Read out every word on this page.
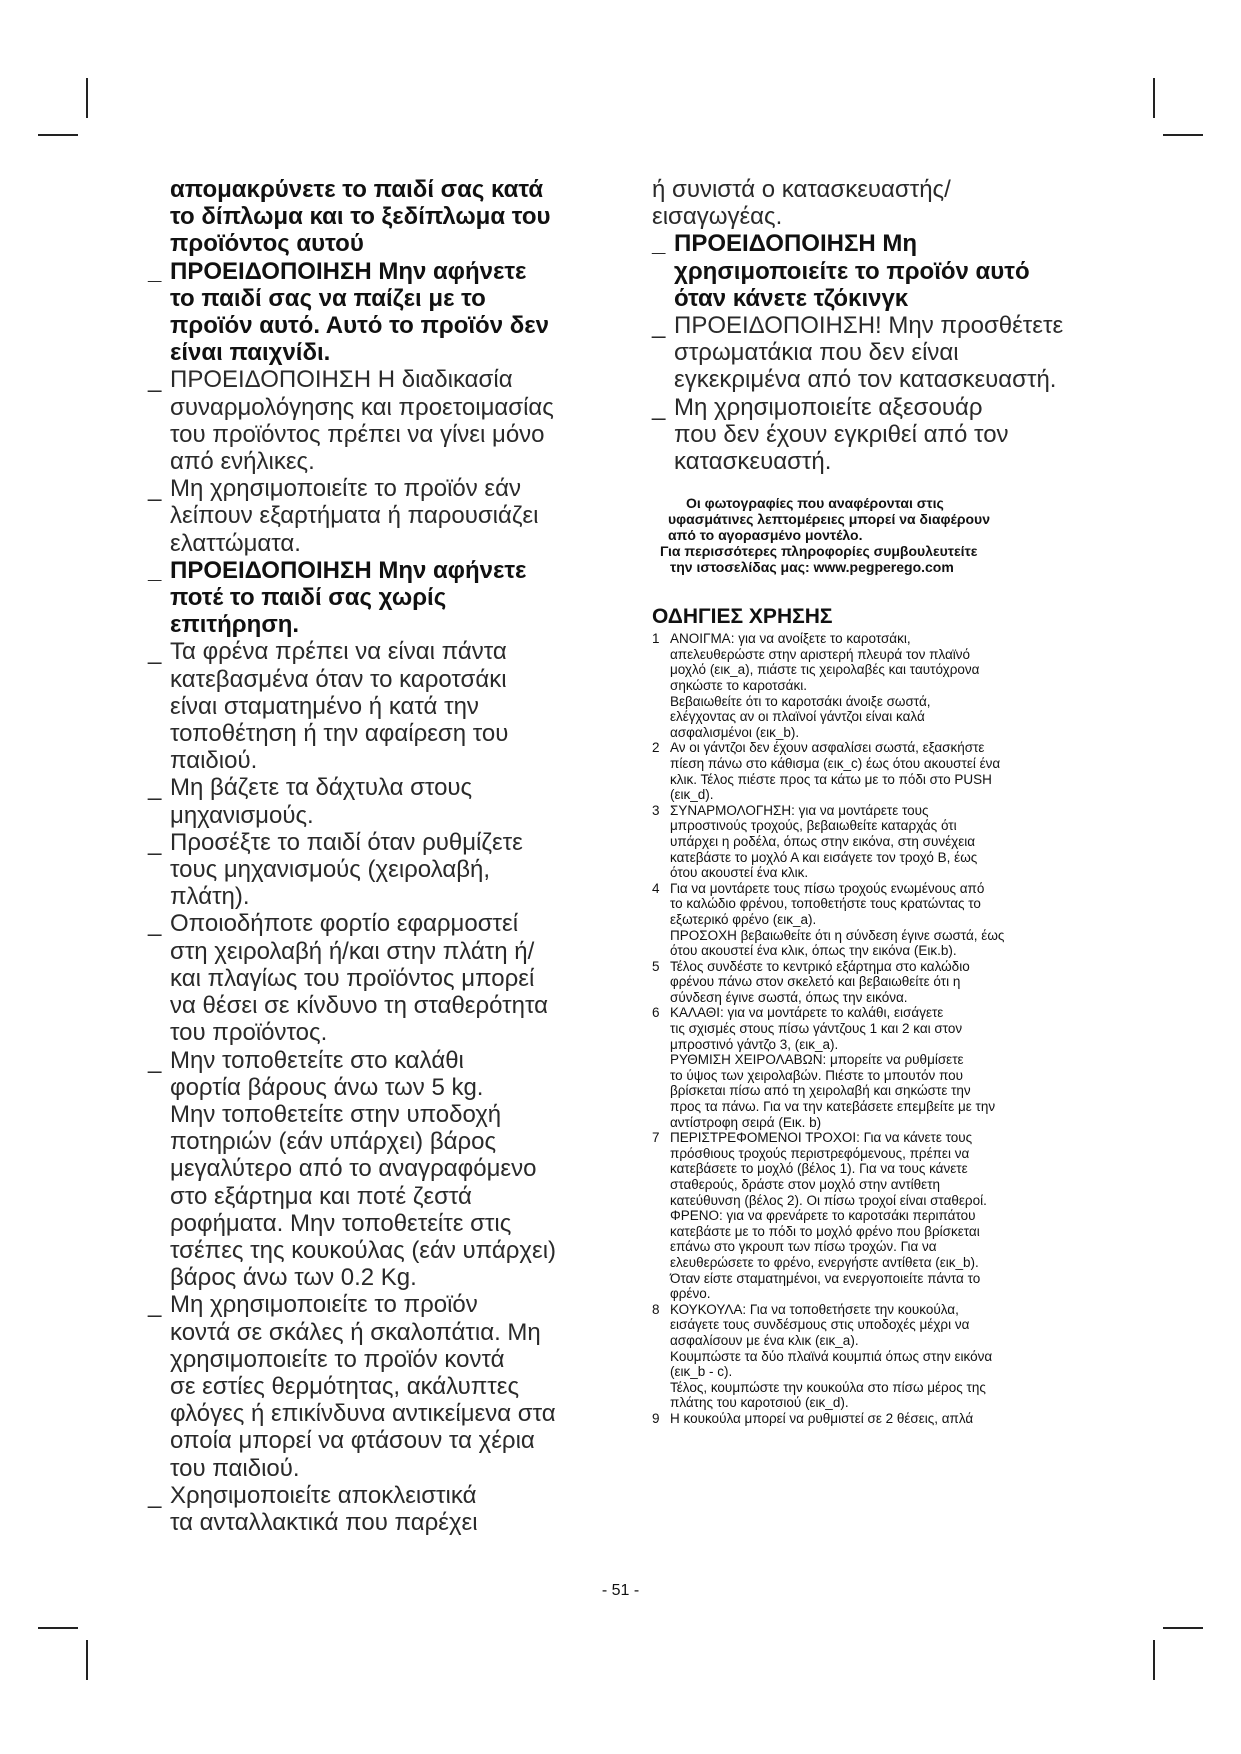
απομακρύνετε το παιδί σας κατά
το δίπλωμα και το ξεδίπλωμα του
προϊόντος αυτού
_ ΠΡΟΕΙΔΟΠΟΙΗΣΗ Μην αφήνετε
το παιδί σας να παίζει με το
προϊόν αυτό. Αυτό το προϊόν δεν
είναι παιχνίδι.
_ ΠΡΟΕΙΔΟΠΟΙΗΣΗ Η διαδικασία
συναρμολόγησης και προετοιμασίας
του προϊόντος πρέπει να γίνει μόνο
από ενήλικες.
_ Μη χρησιμοποιείτε το προϊόν εάν
λείπουν εξαρτήματα ή παρουσιάζει
ελαττώματα.
_ ΠΡΟΕΙΔΟΠΟΙΗΣΗ Μην αφήνετε
ποτέ το παιδί σας χωρίς
επιτήρηση.
_ Τα φρένα πρέπει να είναι πάντα
κατεβασμένα όταν το καροτσάκι
είναι σταματημένο ή κατά την
τοποθέτηση ή την αφαίρεση του
παιδιού.
_ Μη βάζετε τα δάχτυλα στους
μηχανισμούς.
_ Προσέξτε το παιδί όταν ρυθμίζετε
τους μηχανισμούς (χειρολαβή,
πλάτη).
_ Οποιοδήποτε φορτίο εφαρμοστεί
στη χειρολαβή ή/και στην πλάτη ή/
και πλαγίως του προϊόντος μπορεί
να θέσει σε κίνδυνο τη σταθερότητα
του προϊόντος.
_ Μην τοποθετείτε στο καλάθι
φορτία βάρους άνω των 5 kg.
Μην τοποθετείτε στην υποδοχή
ποτηριών (εάν υπάρχει) βάρος
μεγαλύτερο από το αναγραφόμενο
στο εξάρτημα και ποτέ ζεστά
ροφήματα. Μην τοποθετείτε στις
τσέπες της κουκούλας (εάν υπάρχει)
βάρος άνω των 0.2 Kg.
_ Μη χρησιμοποιείτε το προϊόν
κοντά σε σκάλες ή σκαλοπάτια. Μη
χρησιμοποιείτε το προϊόν κοντά
σε εστίες θερμότητας, ακάλυπτες
φλόγες ή επικίνδυνα αντικείμενα στα
οποία μπορεί να φτάσουν τα χέρια
του παιδιού.
_ Χρησιμοποιείτε αποκλειστικά
τα ανταλλακτικά που παρέχει
ή συνιστά ο κατασκευαστής/
εισαγωγέας.
_ ΠΡΟΕΙΔΟΠΟΙΗΣΗ Μη
χρησιμοποιείτε το προϊόν αυτό
όταν κάνετε τζόκινγκ
_ ΠΡΟΕΙΔΟΠΟΙΗΣΗ! Μην προσθέτετε
στρωματάκια που δεν είναι
εγκεκριμένα από τον κατασκευαστή.
_ Μη χρησιμοποιείτε αξεσουάρ
που δεν έχουν εγκριθεί από τον
κατασκευαστή.
Οι φωτογραφίες που αναφέρονται στις
υφασμάτινες λεπτομέρειες μπορεί να διαφέρουν
από το αγορασμένο μοντέλο.
Για περισσότερες πληροφορίες συμβουλευτείτε
την ιστοσελίδας μας: www.pegperego.com
ΟΔΗΓΙΕΣ ΧΡΗΣΗΣ
1 ΑΝΟΙΓΜΑ: για να ανοίξετε το καροτσάκι,
απελευθερώστε στην αριστερή πλευρά τον πλαϊνό
μοχλό (εικ_a), πιάστε τις χειρολαβές και ταυτόχρονα
σηκώστε το καροτσάκι.
Βεβαιωθείτε ότι το καροτσάκι άνοιξε σωστά,
ελέγχοντας αν οι πλαϊνοί γάντζοι είναι καλά
ασφαλισμένοι (εικ_b).
2 Αν οι γάντζοι δεν έχουν ασφαλίσει σωστά, εξασκήστε
πίεση πάνω στο κάθισμα (εικ_c) έως ότου ακουστεί ένα
κλικ. Τέλος πιέστε προς τα κάτω με το πόδι στο PUSH
(εικ_d).
3 ΣΥΝΑΡΜΟΛΟΓΗΣΗ: για να μοντάρετε τους
μπροστινούς τροχούς, βεβαιωθείτε καταρχάς ότι
υπάρχει η ροδέλα, όπως στην εικόνα, στη συνέχεια
κατεβάστε το μοχλό Α και εισάγετε τον τροχό Β, έως
ότου ακουστεί ένα κλικ.
4 Για να μοντάρετε τους πίσω τροχούς ενωμένους από
το καλώδιο φρένου, τοποθετήστε τους κρατώντας το
εξωτερικό φρένο (εικ_a).
ΠΡΟΣΟΧΗ βεβαιωθείτε ότι η σύνδεση έγινε σωστά, έως
ότου ακουστεί ένα κλικ, όπως την εικόνα (Εικ.b).
5 Τέλος συνδέστε το κεντρικό εξάρτημα στο καλώδιο
φρένου πάνω στον σκελετό και βεβαιωθείτε ότι η
σύνδεση έγινε σωστά, όπως την εικόνα.
6 ΚΑΛΑΘΙ: για να μοντάρετε το καλάθι, εισάγετε
τις σχισμές στους πίσω γάντζους 1 και 2 και στον
μπροστινό γάντζο 3, (εικ_a).
ΡΥΘΜΙΣΗ ΧΕΙΡΟΛΑΒΩΝ: μπορείτε να ρυθμίσετε
το ύψος των χειρολαβών. Πιέστε το μπουτόν που
βρίσκεται πίσω από τη χειρολαβή και σηκώστε την
προς τα πάνω. Για να την κατεβάσετε επεμβείτε με την
αντίστροφη σειρά (Εικ. b)
7 ΠΕΡΙΣΤΡΕΦΟΜΕΝΟΙ ΤΡΟΧΟΙ: Για να κάνετε τους
πρόσθιους τροχούς περιστρεφόμενους, πρέπει να
κατεβάσετε το μοχλό (βέλος 1). Για να τους κάνετε
σταθερούς, δράστε στον μοχλό στην αντίθετη
κατεύθυνση (βέλος 2). Οι πίσω τροχοί είναι σταθεροί.
ΦΡΕΝΟ: για να φρενάρετε το καροτσάκι περιπάτου
κατεβάστε με το πόδι το μοχλό φρένο που βρίσκεται
επάνω στο γκρουπ των πίσω τροχών. Για να
ελευθερώσετε το φρένο, ενεργήστε αντίθετα (εικ_b).
Όταν είστε σταματημένοι, να ενεργοποιείτε πάντα το
φρένο.
8 ΚΟΥΚΟΥΛΑ: Για να τοποθετήσετε την κουκούλα,
εισάγετε τους συνδέσμους στις υποδοχές μέχρι να
ασφαλίσουν με ένα κλικ (εικ_a).
Κουμπώστε τα δύο πλαϊνά κουμπιά όπως στην εικόνα
(εικ_b - c).
Τέλος, κουμπώστε την κουκούλα στο πίσω μέρος της
πλάτης του καροτσιού (εικ_d).
9 Η κουκούλα μπορεί να ρυθμιστεί σε 2 θέσεις, απλά
- 51 -
